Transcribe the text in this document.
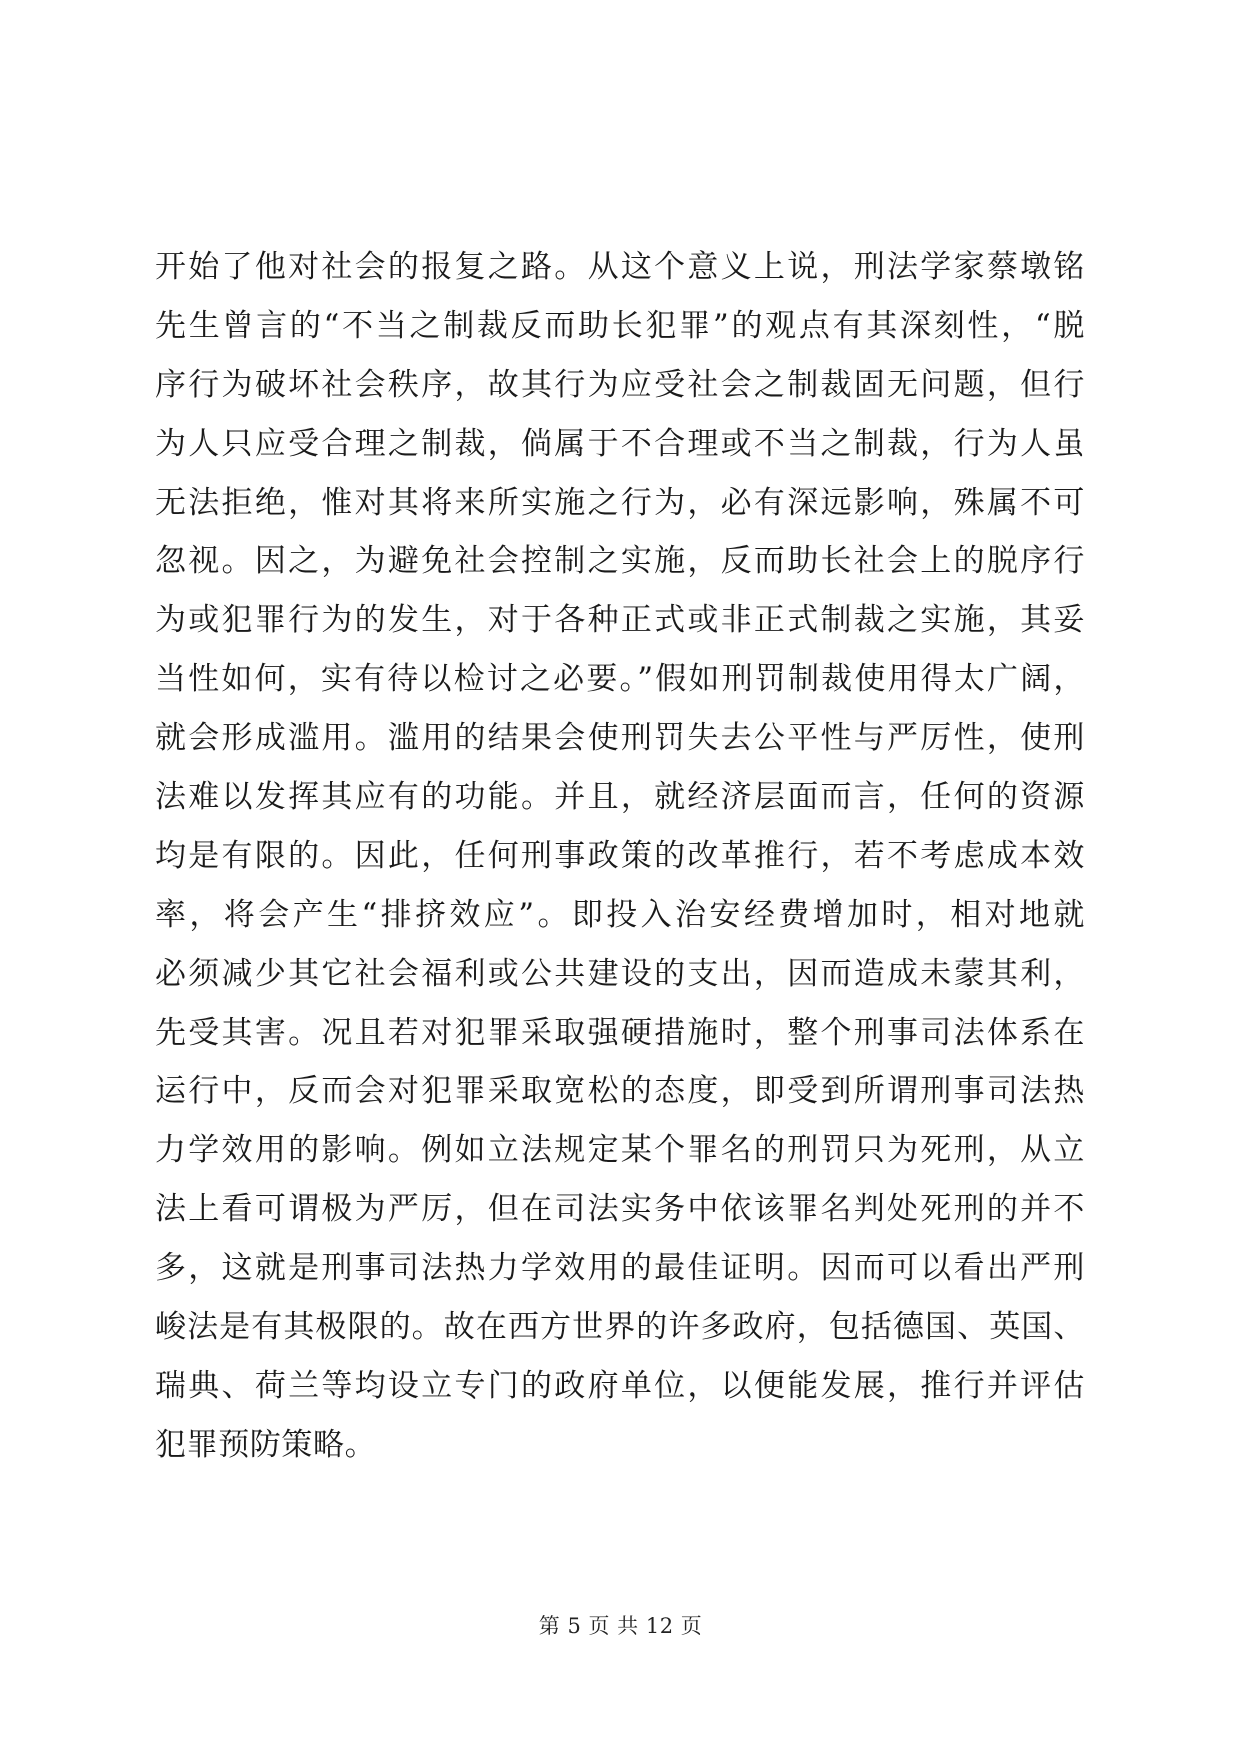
开始了他对社会的报复之路。从这个意义上说，刑法学家蔡墩铭
先生曾言的“不当之制裁反而助长犯罪”的观点有其深刻性，“脱
序行为破坏社会秩序，故其行为应受社会之制裁固无问题，但行
为人只应受合理之制裁，倘属于不合理或不当之制裁，行为人虽
无法拒绝，惟对其将来所实施之行为，必有深远影响，殊属不可
忽视。因之，为避免社会控制之实施，反而助长社会上的脱序行
为或犯罪行为的发生，对于各种正式或非正式制裁之实施，其妥
当性如何，实有待以检讨之必要。”假如刑罚制裁使用得太广阔，
就会形成滥用。滥用的结果会使刑罚失去公平性与严厉性，使刑
法难以发挥其应有的功能。并且，就经济层面而言，任何的资源
均是有限的。因此，任何刑事政策的改革推行，若不考虑成本效
率，将会产生“排挤效应”。即投入治安经费增加时，相对地就
必须减少其它社会福利或公共建设的支出，因而造成未蒙其利，
先受其害。况且若对犯罪采取强硬措施时，整个刑事司法体系在
运行中，反而会对犯罪采取宽松的态度，即受到所谓刑事司法热
力学效用的影响。例如立法规定某个罪名的刑罚只为死刑，从立
法上看可谓极为严厉，但在司法实务中依该罪名判处死刑的并不
多，这就是刑事司法热力学效用的最佳证明。因而可以看出严刑
峻法是有其极限的。故在西方世界的许多政府，包括德国、英国、
瑞典、荷兰等均设立专门的政府单位，以便能发展，推行并评估
犯罪预防策略。
第 5 页 共 12 页
